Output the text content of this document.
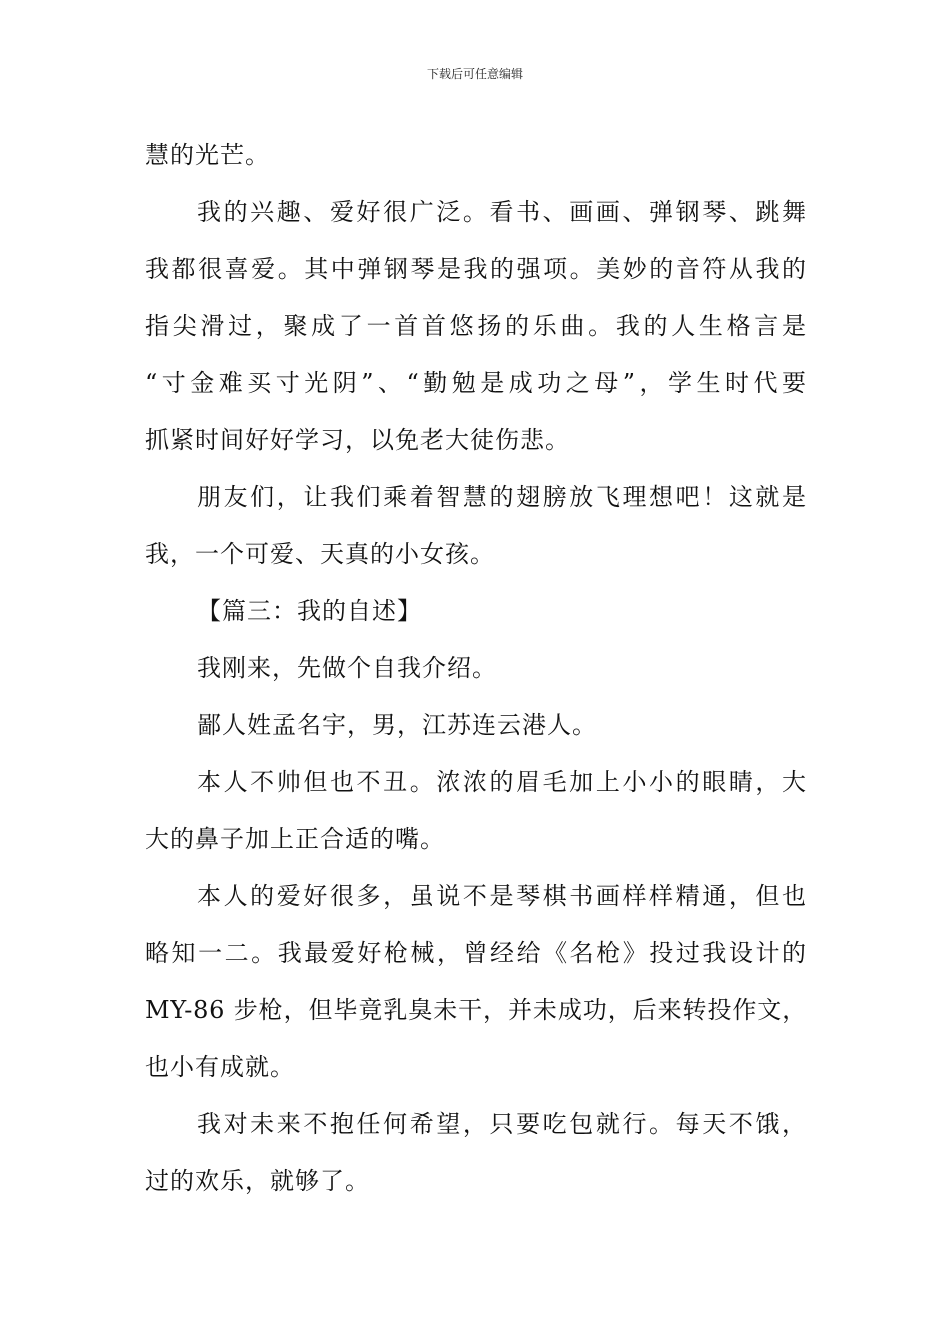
下载后可任意编辑
慧的光芒。
我的兴趣、爱好很广泛。看书、画画、弹钢琴、跳舞
我都很喜爱。其中弹钢琴是我的强项。美妙的音符从我的
指尖滑过，聚成了一首首悠扬的乐曲。我的人生格言是
“寸金难买寸光阴”、“勤勉是成功之母”，学生时代要
抓紧时间好好学习，以免老大徒伤悲。
朋友们，让我们乘着智慧的翅膀放飞理想吧！这就是
我，一个可爱、天真的小女孩。
【篇三：我的自述】
我刚来，先做个自我介绍。
鄙人姓孟名宇，男，江苏连云港人。
本人不帅但也不丑。浓浓的眉毛加上小小的眼睛，大
大的鼻子加上正合适的嘴。
本人的爱好很多，虽说不是琴棋书画样样精通，但也
略知一二。我最爱好枪械，曾经给《名枪》投过我设计的
MY-86 步枪，但毕竟乳臭未干，并未成功，后来转投作文，
也小有成就。
我对未来不抱任何希望，只要吃包就行。每天不饿，
过的欢乐，就够了。
